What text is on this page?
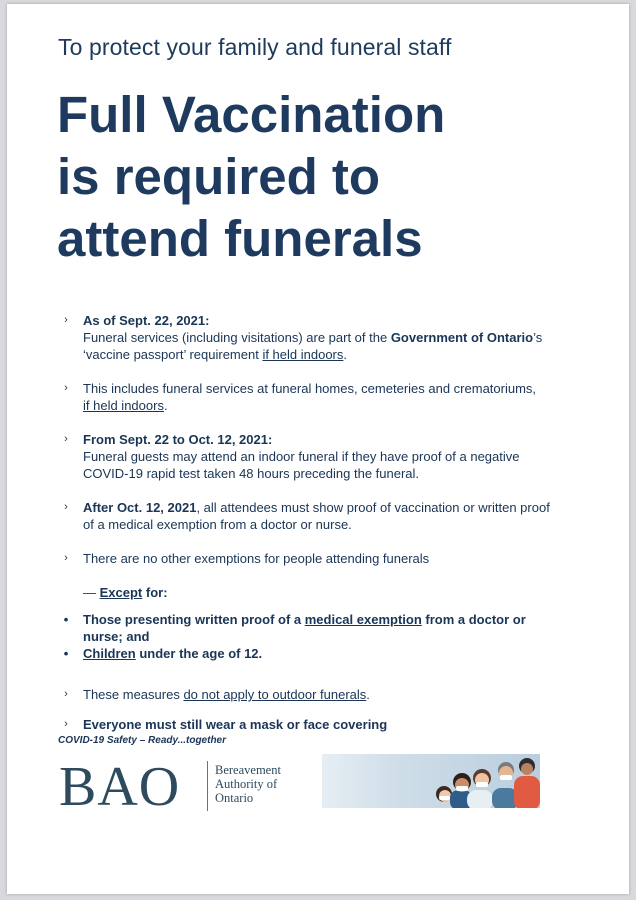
To protect your family and funeral staff
Full Vaccination
is required to
attend funerals
›	As of Sept. 22, 2021:
Funeral services (including visitations) are part of the Government of Ontario’s
‘vaccine passport’ requirement if held indoors.
›	This includes funeral services at funeral homes, cemeteries and crematoriums,
if held indoors.
›	From Sept. 22 to Oct. 12, 2021:
Funeral guests may attend an indoor funeral if they have proof of a negative
COVID-19 rapid test taken 48 hours preceding the funeral.
›	After Oct. 12, 2021, all attendees must show proof of vaccination or written proof
of a medical exemption from a doctor or nurse.
›	There are no other exemptions for people attending funerals
— Except for:
•	Those presenting written proof of a medical exemption from a doctor or
nurse; and
•	Children under the age of 12.
›	These measures do not apply to outdoor funerals.
›	Everyone must still wear a mask or face covering
COVID-19 Safety – Ready...together
BAO	Bereavement
Authority of
Ontario
